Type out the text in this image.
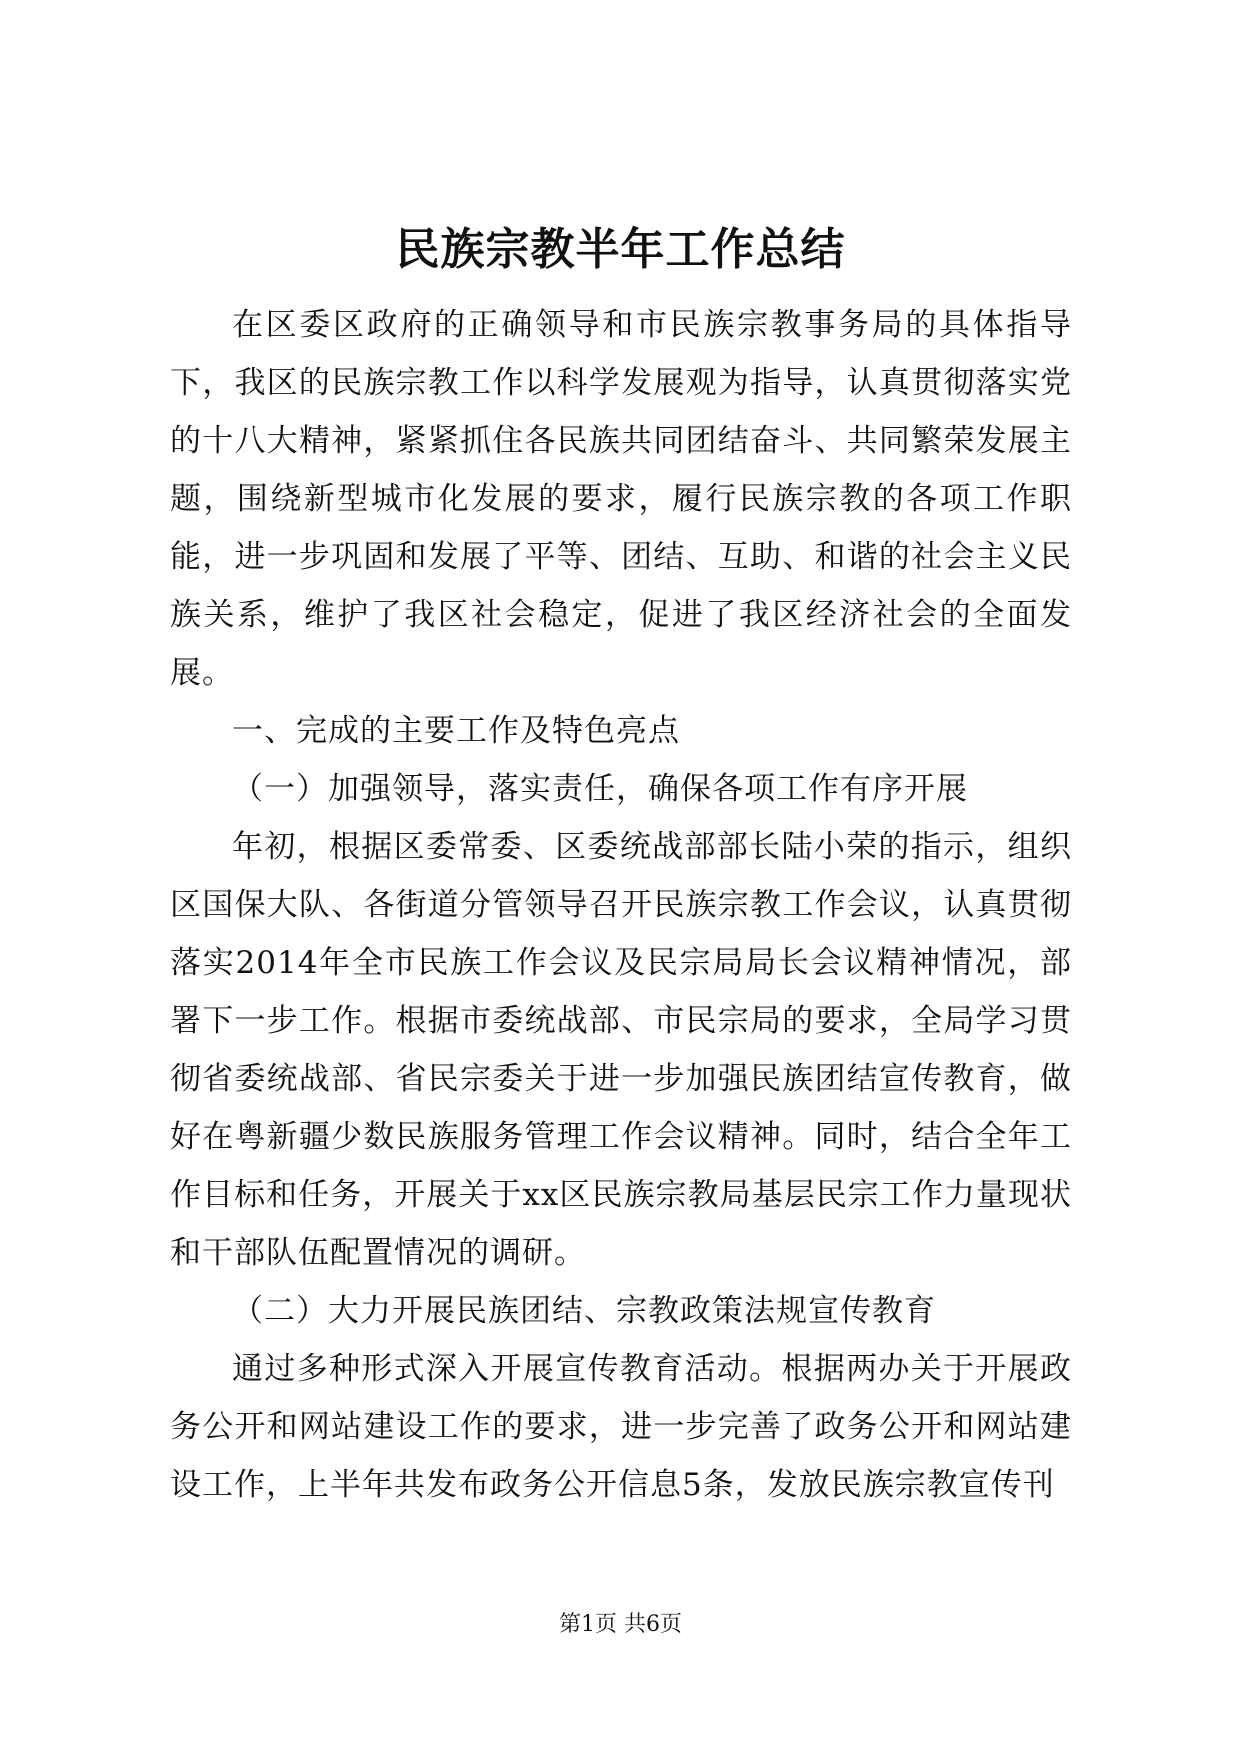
民族宗教半年工作总结

在区委区政府的正确领导和市民族宗教事务局的具体指导下，我区的民族宗教工作以科学发展观为指导，认真贯彻落实党的十八大精神，紧紧抓住各民族共同团结奋斗、共同繁荣发展主题，围绕新型城市化发展的要求，履行民族宗教的各项工作职能，进一步巩固和发展了平等、团结、互助、和谐的社会主义民族关系，维护了我区社会稳定，促进了我区经济社会的全面发展。

一、完成的主要工作及特色亮点

（一）加强领导，落实责任，确保各项工作有序开展

年初，根据区委常委、区委统战部部长陆小荣的指示，组织区国保大队、各街道分管领导召开民族宗教工作会议，认真贯彻落实2014年全市民族工作会议及民宗局局长会议精神情况，部署下一步工作。根据市委统战部、市民宗局的要求，全局学习贯彻省委统战部、省民宗委关于进一步加强民族团结宣传教育，做好在粤新疆少数民族服务管理工作会议精神。同时，结合全年工作目标和任务，开展关于xx区民族宗教局基层民宗工作力量现状和干部队伍配置情况的调研。

（二）大力开展民族团结、宗教政策法规宣传教育

通过多种形式深入开展宣传教育活动。根据两办关于开展政务公开和网站建设工作的要求，进一步完善了政务公开和网站建设工作，上半年共发布政务公开信息5条，发放民族宗教宣传刊

第1页 共6页
